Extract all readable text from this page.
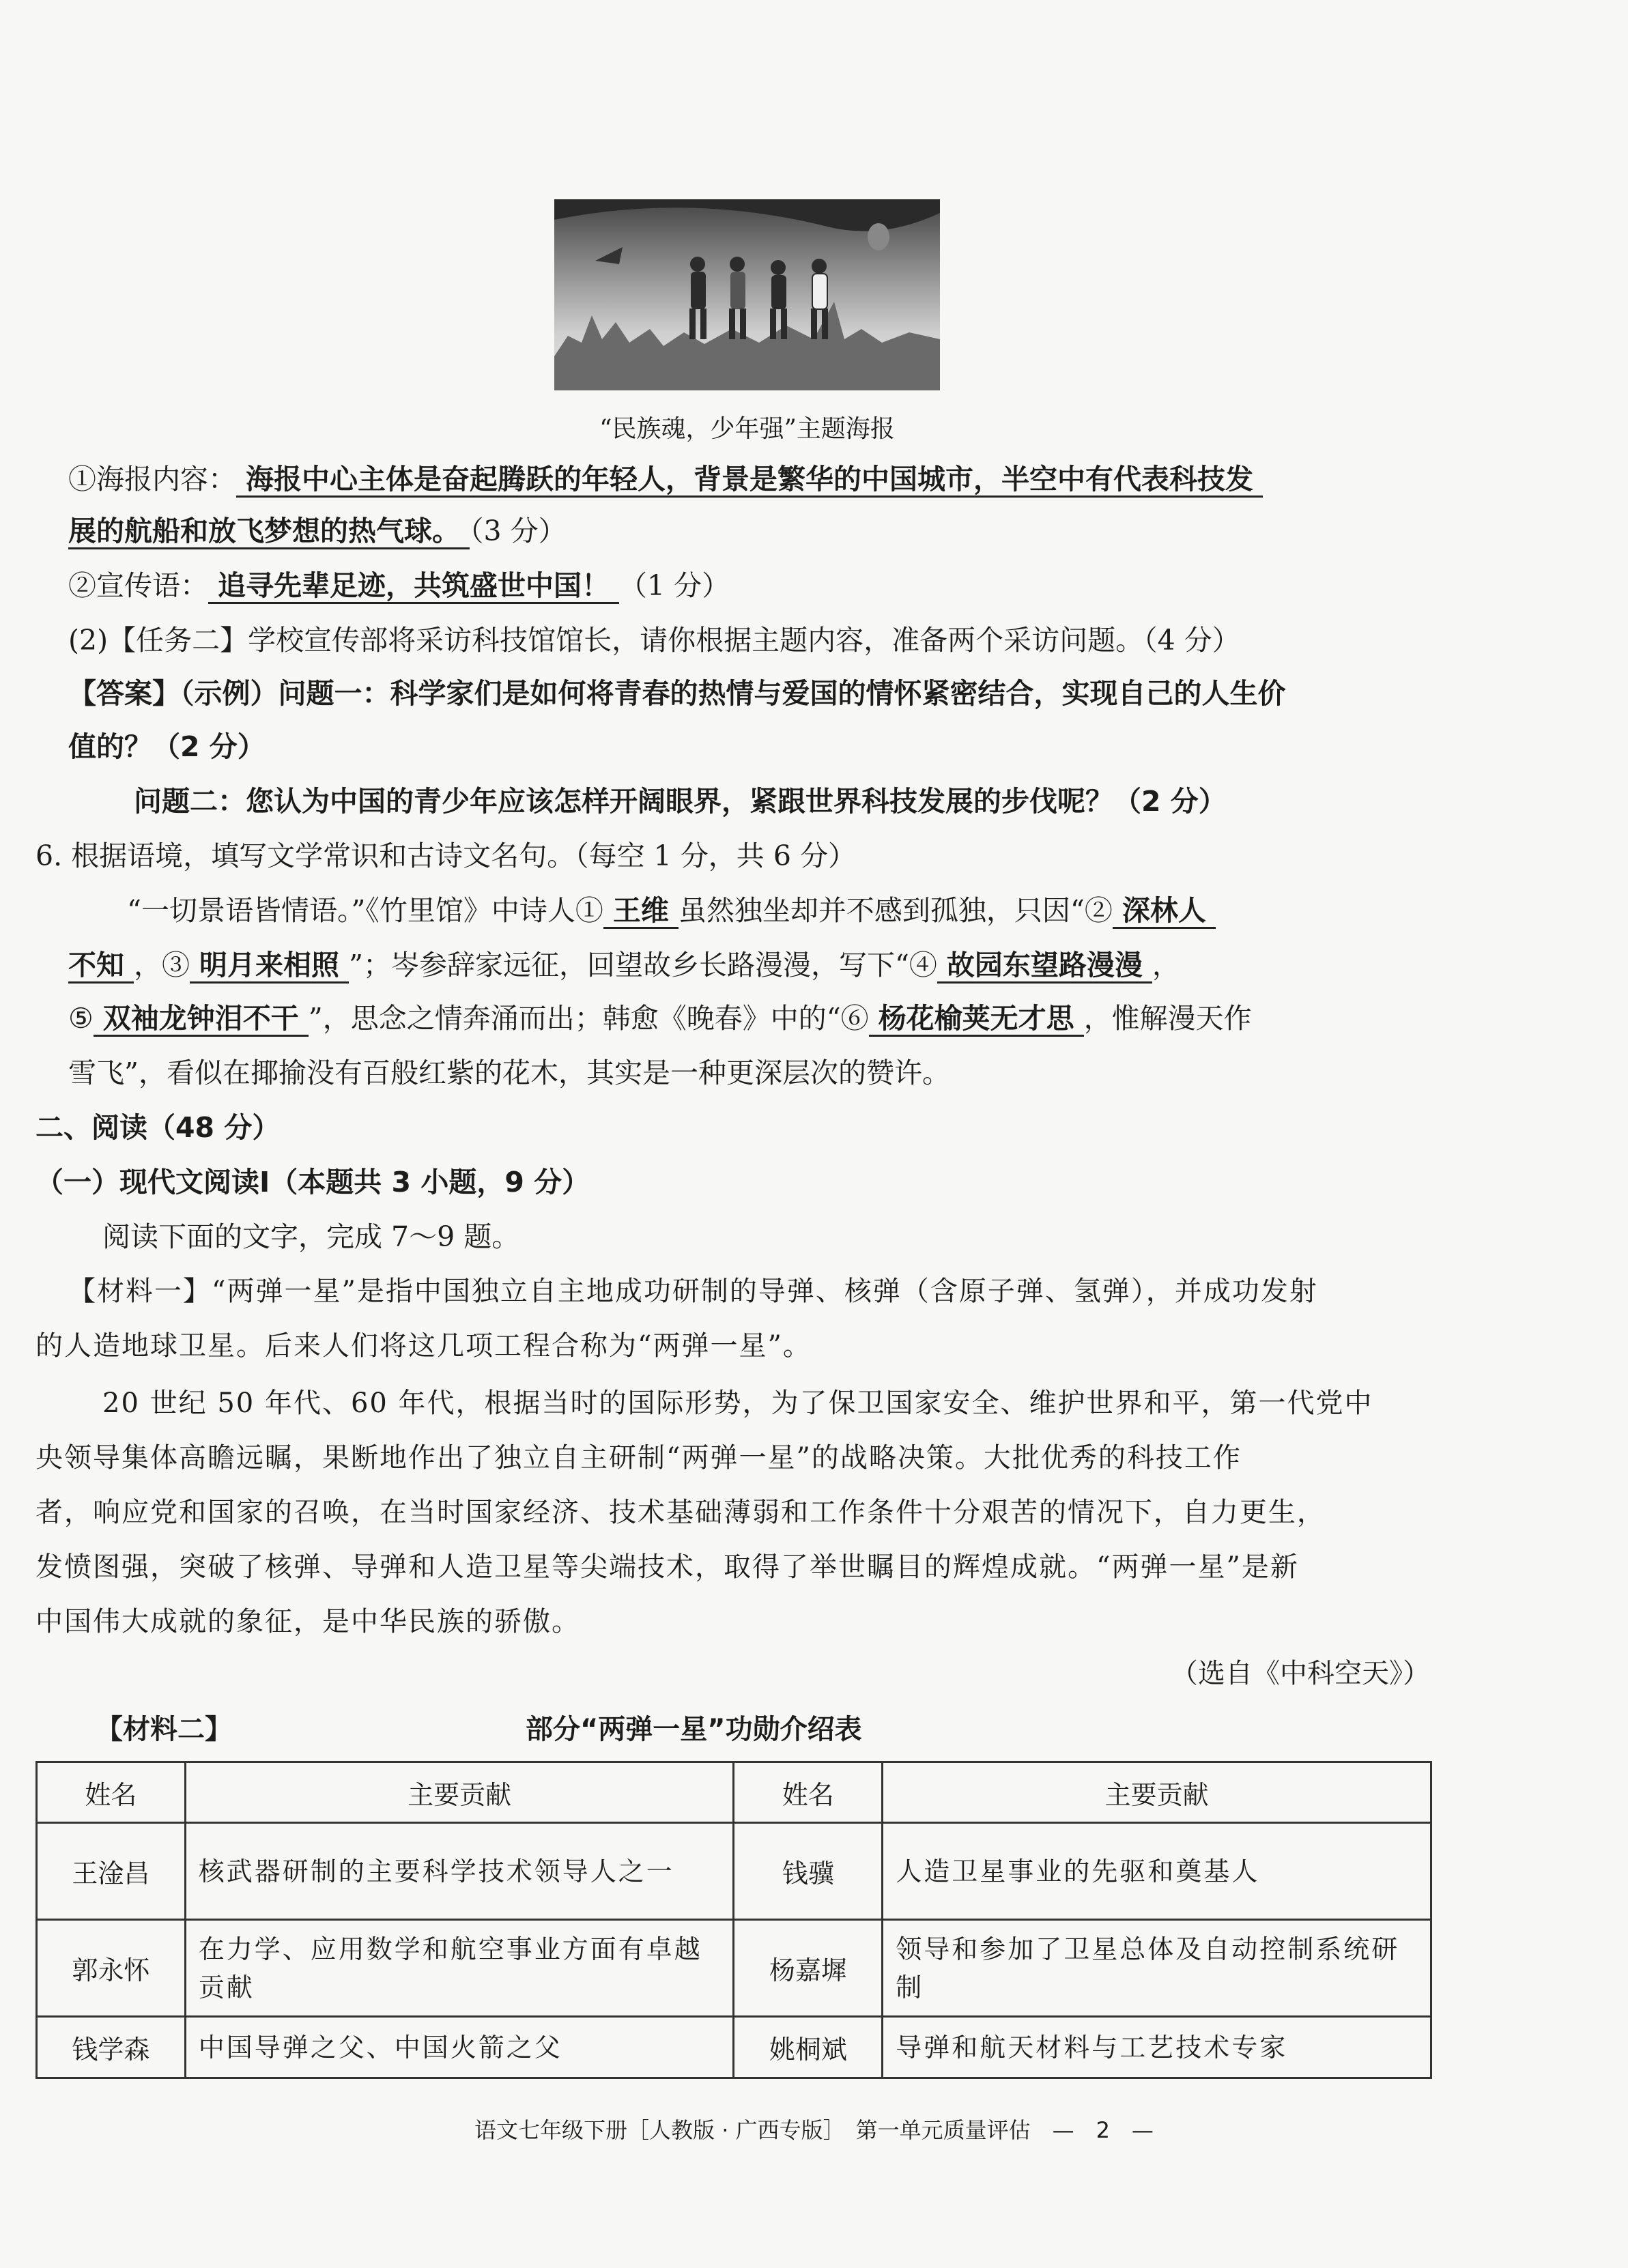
“民族魂，少年强”主题海报
①海报内容： 海报中心主体是奋起腾跃的年轻人，背景是繁华的中国城市，半空中有代表科技发
展的航船和放飞梦想的热气球。 （3 分）
②宣传语： 追寻先辈足迹，共筑盛世中国！ （1 分）
(2)【任务二】学校宣传部将采访科技馆馆长，请你根据主题内容，准备两个采访问题。（4 分）
【答案】（示例）问题一：科学家们是如何将青春的热情与爱国的情怀紧密结合，实现自己的人生价
值的？（2 分）
问题二：您认为中国的青少年应该怎样开阔眼界，紧跟世界科技发展的步伐呢？（2 分）
6. 根据语境，填写文学常识和古诗文名句。（每空 1 分，共 6 分）
“一切景语皆情语。”《竹里馆》中诗人① 王维 虽然独坐却并不感到孤独，只因“② 深林人
不知 ，③ 明月来相照 ”；岑参辞家远征，回望故乡长路漫漫，写下“④ 故园东望路漫漫 ，
⑤ 双袖龙钟泪不干 ”，思念之情奔涌而出；韩愈《晚春》中的“⑥ 杨花榆荚无才思 ，惟解漫天作
雪飞”，看似在揶揄没有百般红紫的花木，其实是一种更深层次的赞许。
二、阅读（48 分）
（一）现代文阅读Ⅰ（本题共 3 小题，9 分）
阅读下面的文字，完成 7～9 题。
【材料一】“两弹一星”是指中国独立自主地成功研制的导弹、核弹（含原子弹、氢弹），并成功发射
的人造地球卫星。后来人们将这几项工程合称为“两弹一星”。
20 世纪 50 年代、60 年代，根据当时的国际形势，为了保卫国家安全、维护世界和平，第一代党中
央领导集体高瞻远瞩，果断地作出了独立自主研制“两弹一星”的战略决策。大批优秀的科技工作
者，响应党和国家的召唤，在当时国家经济、技术基础薄弱和工作条件十分艰苦的情况下，自力更生，
发愤图强，突破了核弹、导弹和人造卫星等尖端技术，取得了举世瞩目的辉煌成就。“两弹一星”是新
中国伟大成就的象征，是中华民族的骄傲。
（选自《中科空天》）
【材料二】	部分“两弹一星”功勋介绍表
姓名	主要贡献	姓名	主要贡献
王淦昌	核武器研制的主要科学技术领导人之一	钱骥	人造卫星事业的先驱和奠基人
郭永怀	在力学、应用数学和航空事业方面有卓越贡献	杨嘉墀	领导和参加了卫星总体及自动控制系统研制
钱学森	中国导弹之父、中国火箭之父	姚桐斌	导弹和航天材料与工艺技术专家
语文七年级下册［人教版 · 广西专版］　第一单元质量评估　—　2　—
